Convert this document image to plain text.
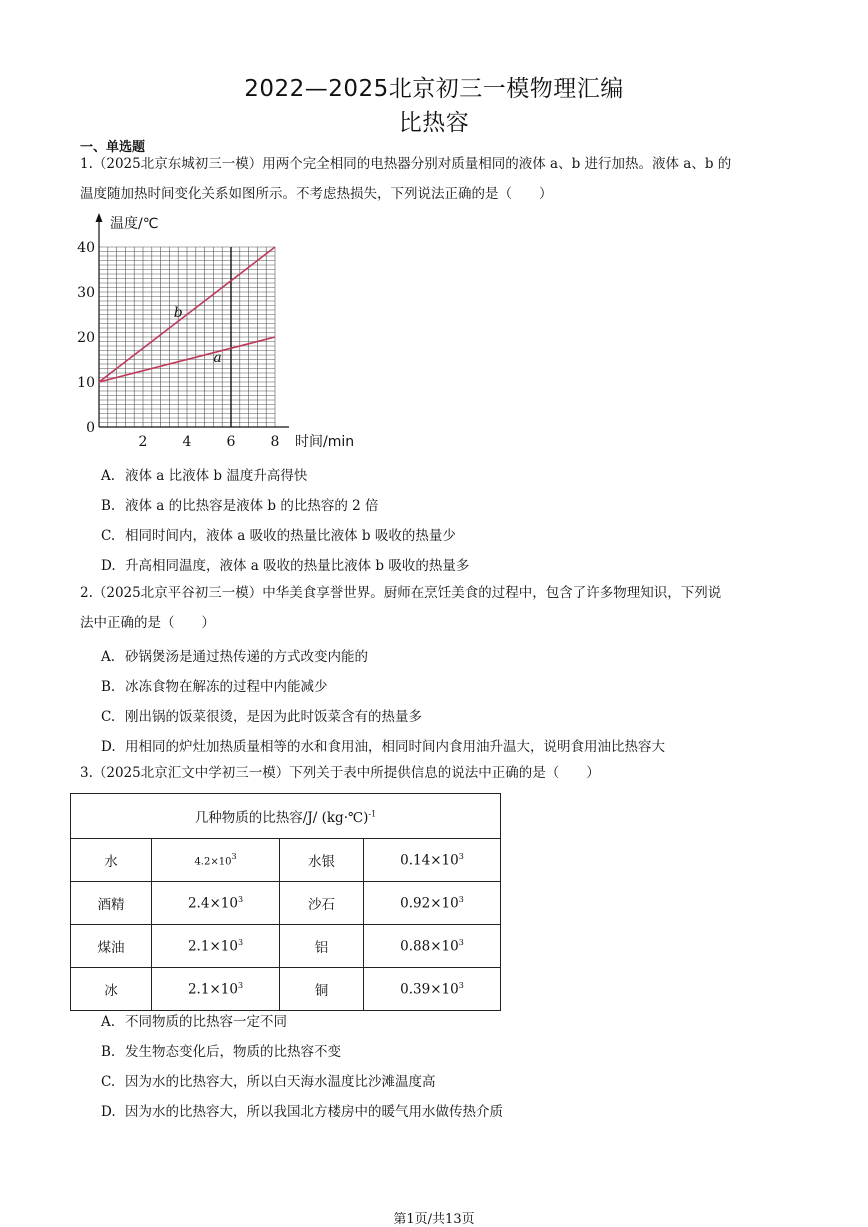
2022—2025北京初三一模物理汇编
比热容
一、单选题
1.（2025北京东城初三一模）用两个完全相同的电热器分别对质量相同的液体 a、b 进行加热。液体 a、b 的
温度随加热时间变化关系如图所示。不考虑热损失，下列说法正确的是（　　）
b
a
10
20
30
40
2	4	6	8
0
温度/℃
时间/min
A. 液体 a 比液体 b 温度升高得快
B. 液体 a 的比热容是液体 b 的比热容的 2 倍
C. 相同时间内，液体 a 吸收的热量比液体 b 吸收的热量少
D. 升高相同温度，液体 a 吸收的热量比液体 b 吸收的热量多
2.（2025北京平谷初三一模）中华美食享誉世界。厨师在烹饪美食的过程中，包含了许多物理知识，下列说
法中正确的是（　　）
A. 砂锅煲汤是通过热传递的方式改变内能的
B. 冰冻食物在解冻的过程中内能减少
C. 刚出锅的饭菜很烫，是因为此时饭菜含有的热量多
D. 用相同的炉灶加热质量相等的水和食用油，相同时间内食用油升温大，说明食用油比热容大
3.（2025北京汇文中学初三一模）下列关于表中所提供信息的说法中正确的是（　　）
几种物质的比热容/J/ (kg·℃)$^{-1}$
水	$4.2\times 10^3$	水银	$0.14\times 10^3$
酒精	$2.4\times 10^3$	沙石	$0.92\times 10^3$
煤油	$2.1\times 10^3$	铝	$0.88\times 10^3$
冰	$2.1\times 10^3$	铜	$0.39\times 10^3$
A. 不同物质的比热容一定不同
B. 发生物态变化后，物质的比热容不变
C. 因为水的比热容大，所以白天海水温度比沙滩温度高
D. 因为水的比热容大，所以我国北方楼房中的暖气用水做传热介质
第1页/共13页
